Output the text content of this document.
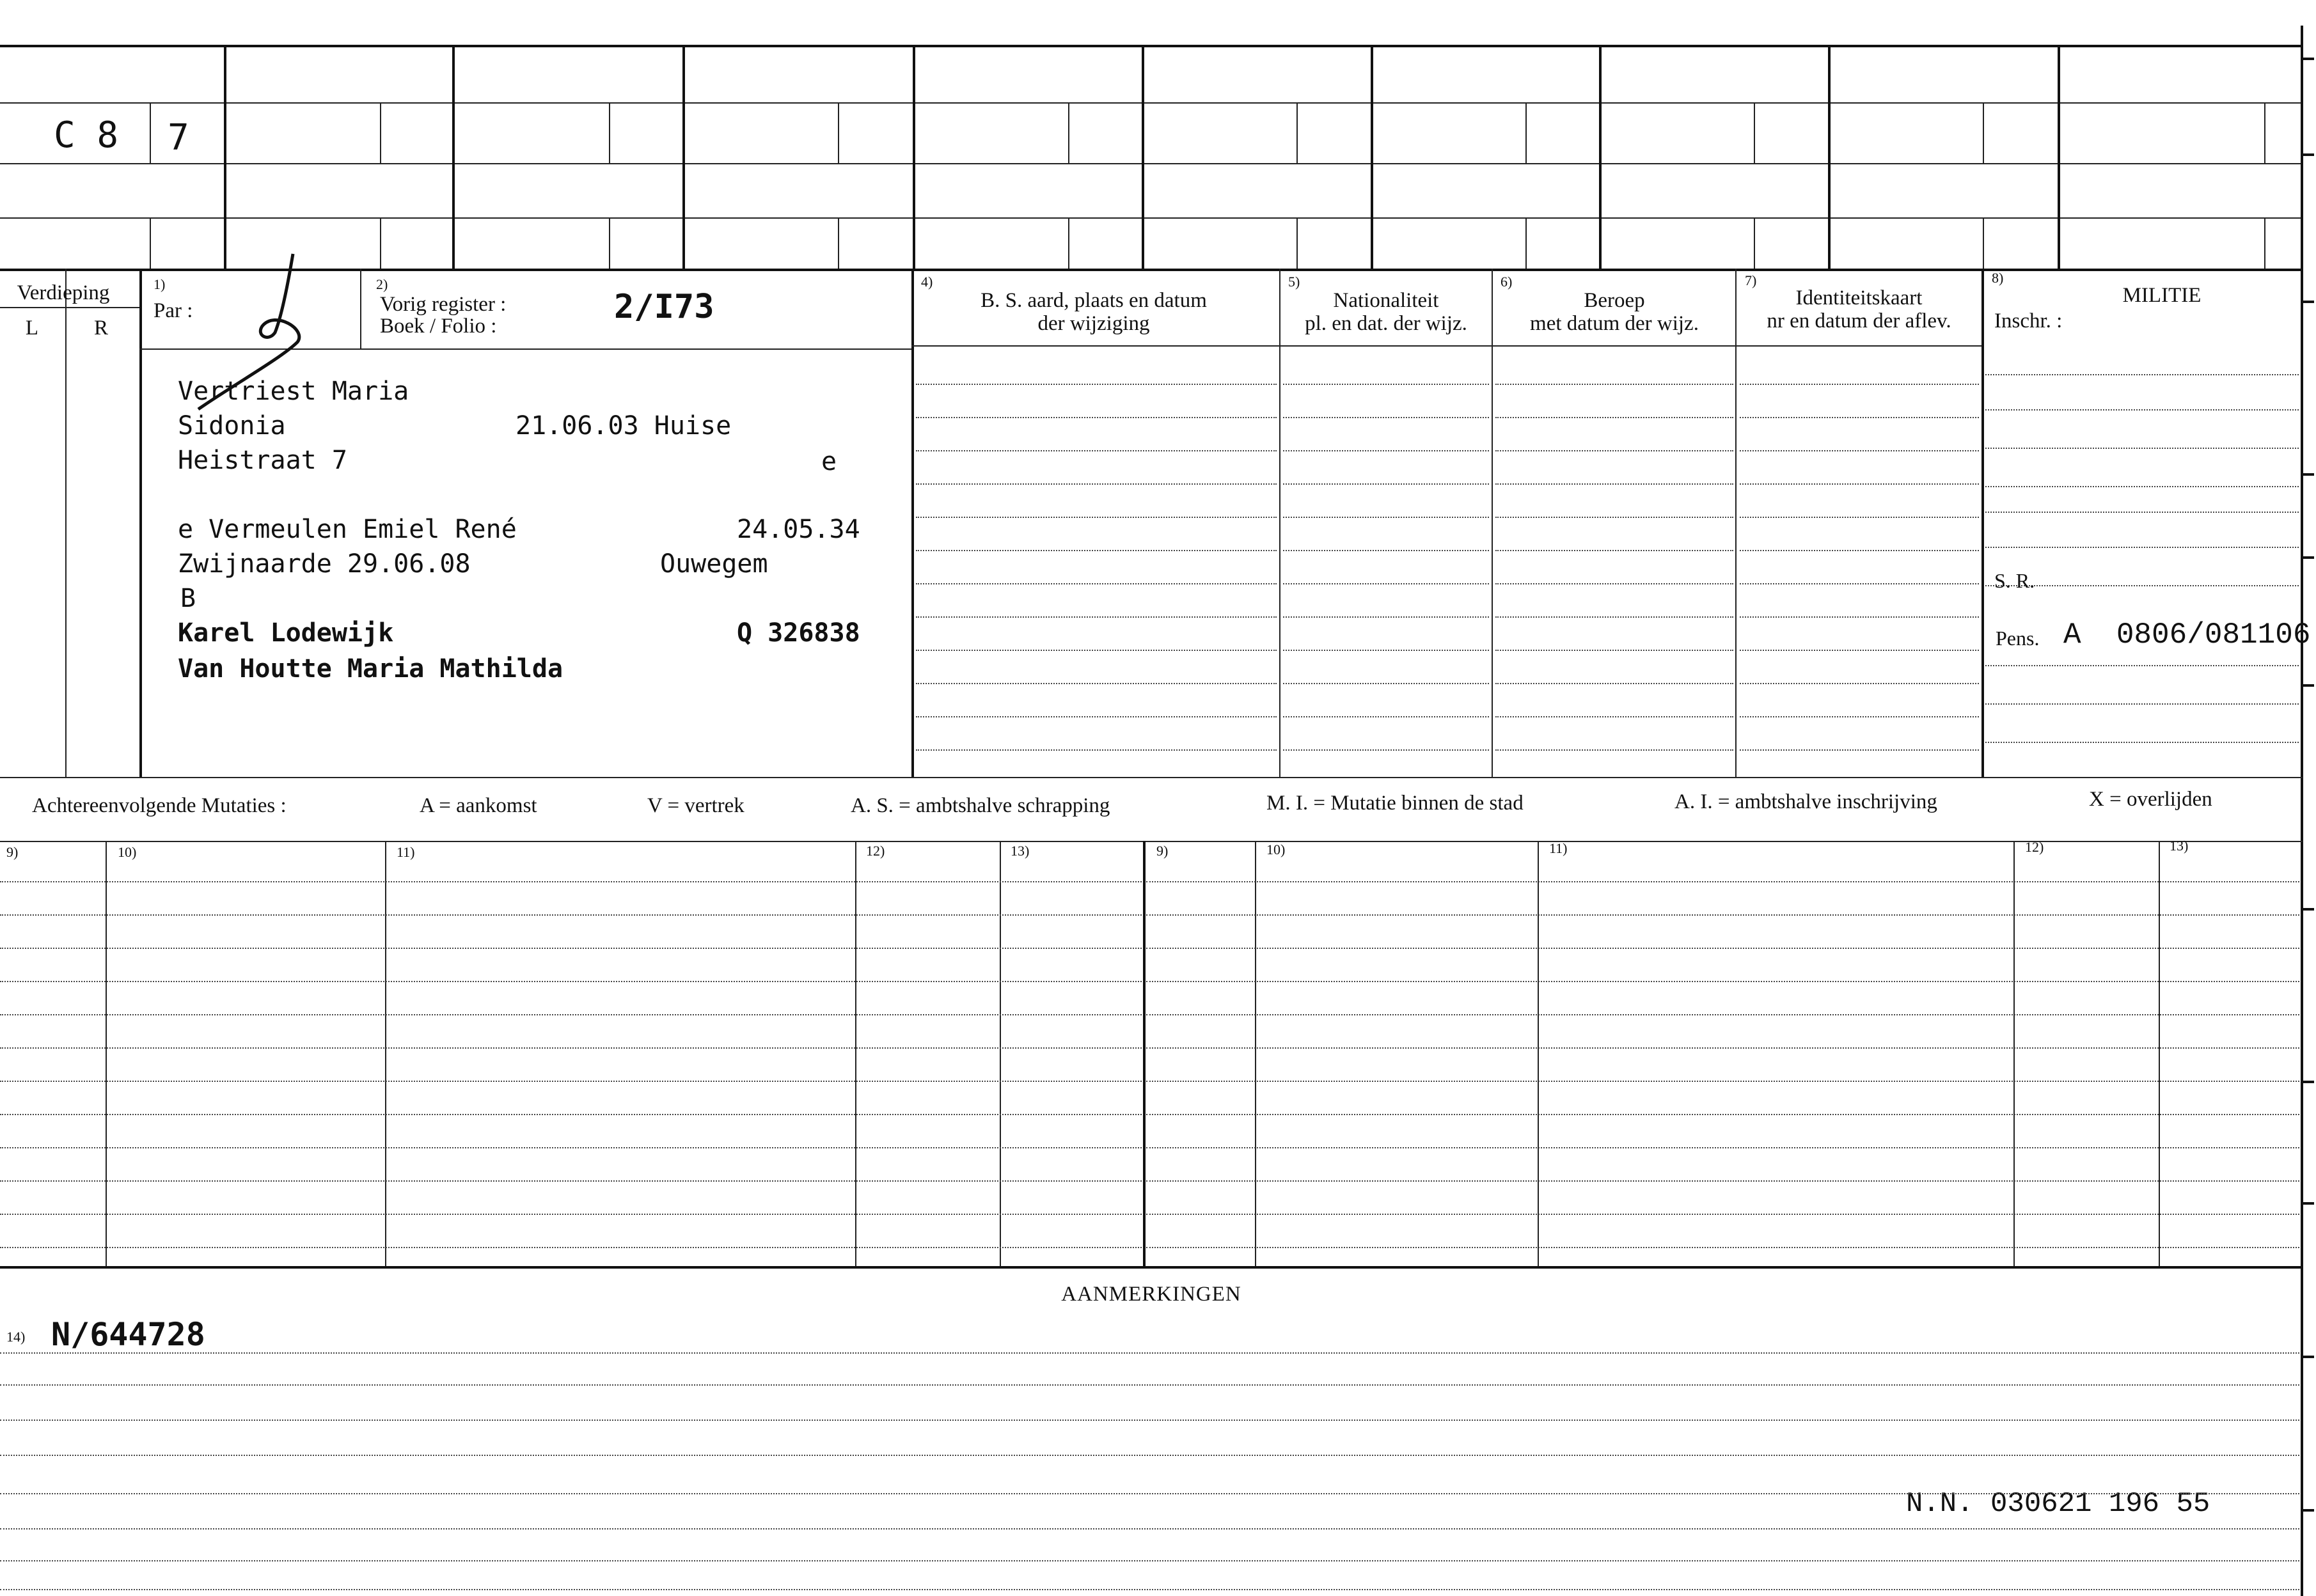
C 8 7
Verdieping
L	R
1)
Par :
2)
Vorig register :
Boek / Folio :	2/I73
4)
B. S. aard, plaats en datum
der wijziging
5)
Nationaliteit
pl. en dat. der wijz.
6)
Beroep
met datum der wijz.
7)
Identiteitskaart
nr en datum der aflev.
8)
MILITIE
Inschr. :
S. R.
Pens. A  0806/081106
Vertriest Maria
Sidonia	21.06.03 Huise
Heistraat 7	e
e Vermeulen Emiel René	24.05.34
Zwijnaarde 29.06.08	Ouwegem
B
Karel Lodewijk	Q 326838
Van Houtte Maria Mathilda
Achtereenvolgende Mutaties :	A = aankomst	V = vertrek	A. S. = ambtshalve schrapping	M. I. = Mutatie binnen de stad	A. I. = ambtshalve inschrijving	X = overlijden
9)	10)	11)	12)	13)	9)	10)	11)	12)	13)
AANMERKINGEN
14) N/644728
N.N. 030621 196 55
